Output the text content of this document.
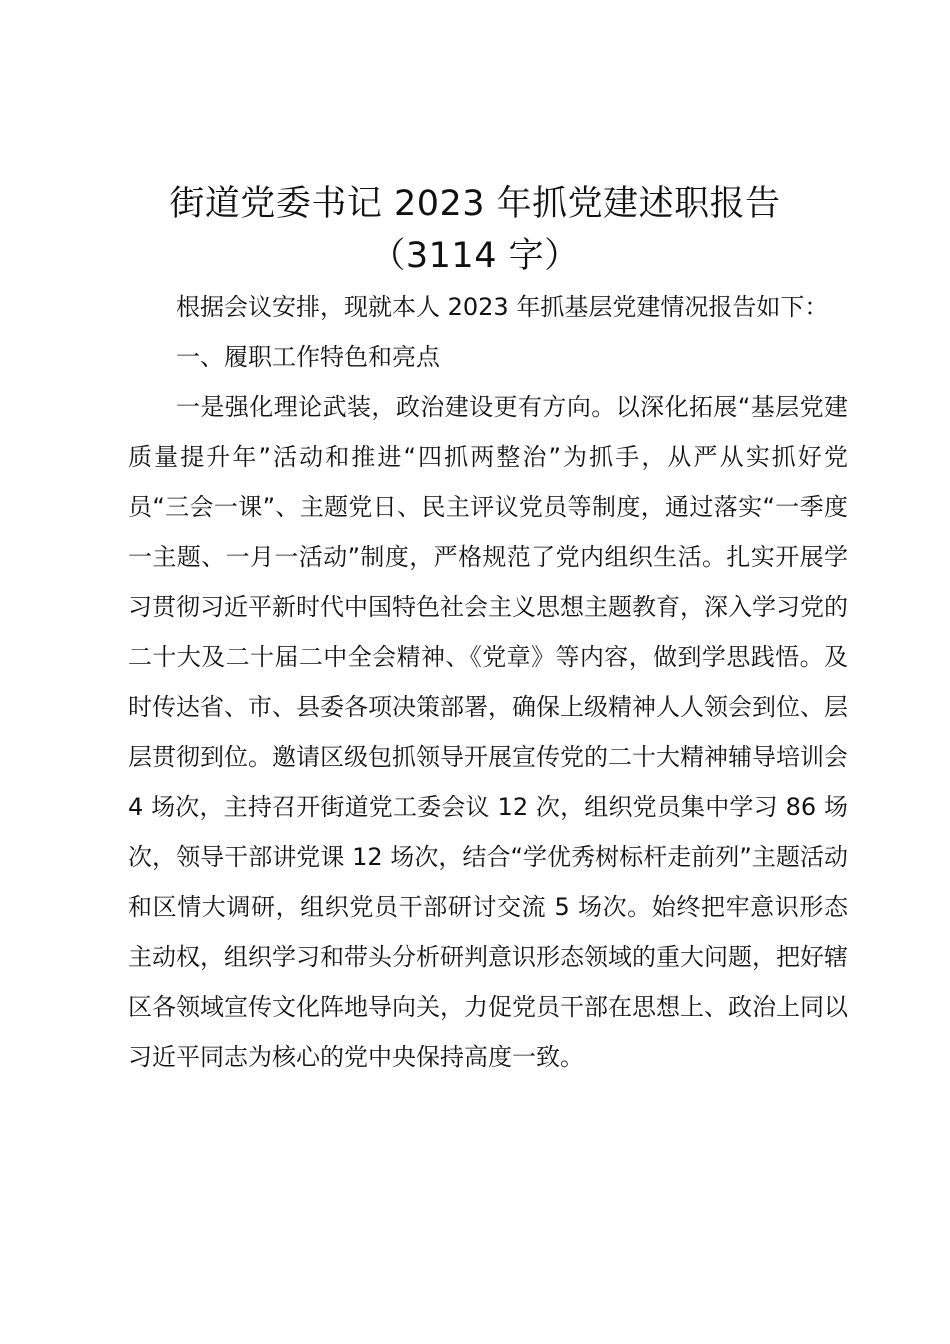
街道党委书记 2023 年抓党建述职报告
（3114 字）

根据会议安排，现就本人 2023 年抓基层党建情况报告如下：

一、履职工作特色和亮点

一是强化理论武装，政治建设更有方向。以深化拓展“基层党建质量提升年”活动和推进“四抓两整治”为抓手，从严从实抓好党员“三会一课”、主题党日、民主评议党员等制度，通过落实“一季度一主题、一月一活动”制度，严格规范了党内组织生活。扎实开展学习贯彻习近平新时代中国特色社会主义思想主题教育，深入学习党的二十大及二十届二中全会精神、《党章》等内容，做到学思践悟。及时传达省、市、县委各项决策部署，确保上级精神人人领会到位、层层贯彻到位。邀请区级包抓领导开展宣传党的二十大精神辅导培训会 4 场次，主持召开街道党工委会议 12 次，组织党员集中学习 86 场次，领导干部讲党课 12 场次，结合“学优秀树标杆走前列”主题活动和区情大调研，组织党员干部研讨交流 5 场次。始终把牢意识形态主动权，组织学习和带头分析研判意识形态领域的重大问题，把好辖区各领域宣传文化阵地导向关，力促党员干部在思想上、政治上同以习近平同志为核心的党中央保持高度一致。
